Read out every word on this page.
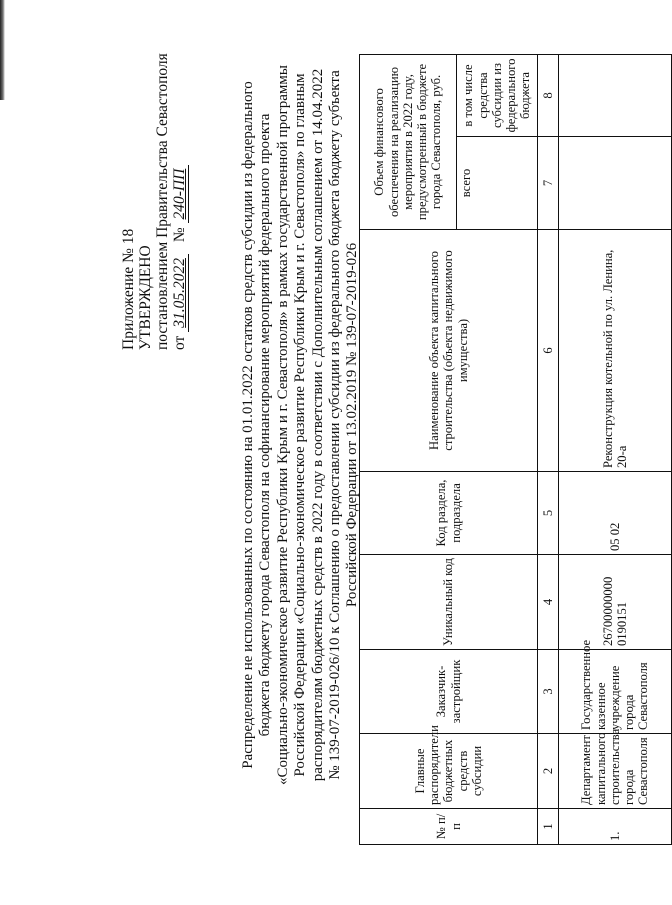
Приложение № 18 УТВЕРЖДЕНО постановлением Правительства Севастополя от 31.05.2022 № 240-ПП	Распределение не использованных по состоянию на 01.01.2022 остатков средств субсидии из федерального бюджета бюджету города Севастополя на софинансирование мероприятий федерального проекта «Социально-экономическое развитие Республики Крым и г. Севастополя» в рамках государственной программы Российской Федерации «Социально-экономическое развитие Республики Крым и г. Севастополя» по главным распорядителям бюджетных средств в 2022 году в соответствии с Дополнительным соглашением от 14.04.2022 № 139-07-2019-026/10 к Соглашению о предоставлении субсидии из федерального бюджета бюджету субъекта Российской Федерации от 13.02.2019 № 139-07-2019-026
№ п/п	Главные распорядители бюджетных средств субсидии	Заказчик-застройщик	Уникальный код	Код раздела, подраздела	Наименование объекта капитального строительства (объекта недвижимого имущества)	Объем финансового обеспечения на реализацию мероприятия в 2022 году, предусмотренный в бюджете города Севастополя, руб.	
						всего	в том числе средства субсидии из федерального бюджета
1	2	3	4	5	6	7	8
1.	Департамент капитального строительства города Севастополя	Государственное казенное учреждение города Севастополя	26700000000 0190151	05 02	Реконструкция котельной по ул. Ленина, 20-а		
